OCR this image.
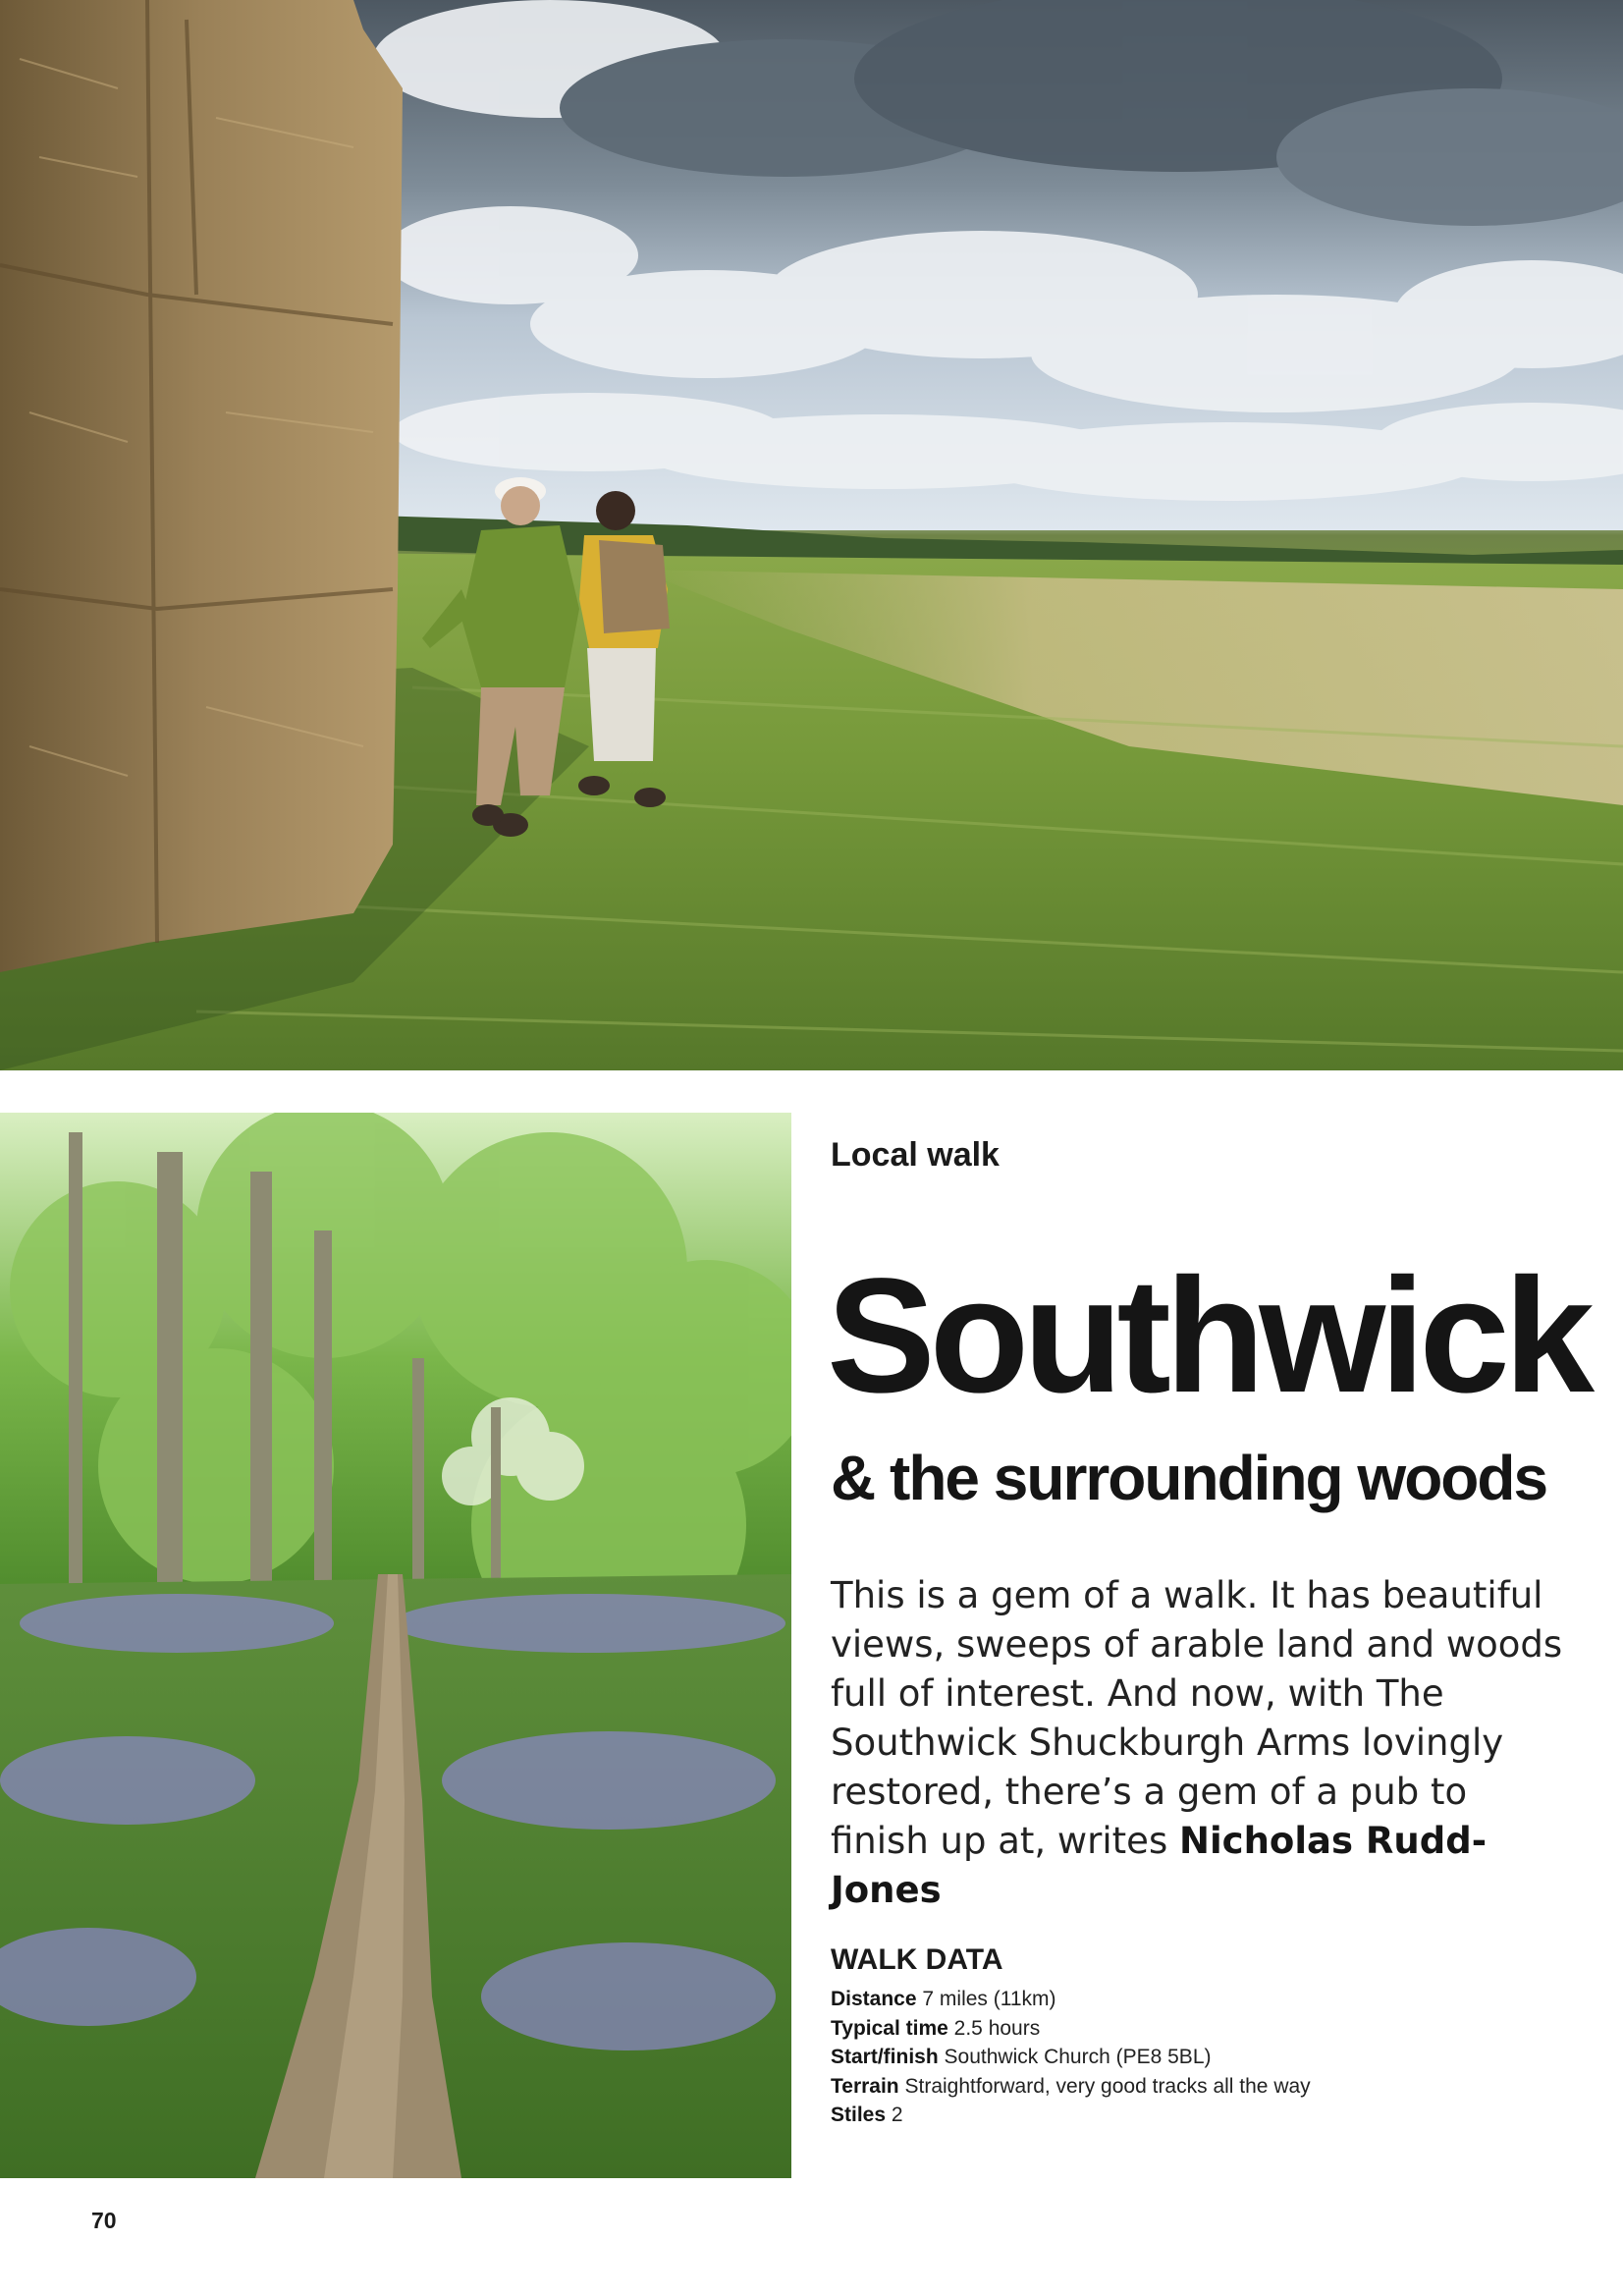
Local walk
Southwick
& the surrounding woods

This is a gem of a walk. It has beautiful views, sweeps of arable land and woods full of interest. And now, with The Southwick Shuckburgh Arms lovingly restored, there’s a gem of a pub to finish up at, writes Nicholas Rudd-Jones

WALK DATA
Distance 7 miles (11km)
Typical time 2.5 hours
Start/finish Southwick Church (PE8 5BL)
Terrain Straightforward, very good tracks all the way
Stiles 2
70
